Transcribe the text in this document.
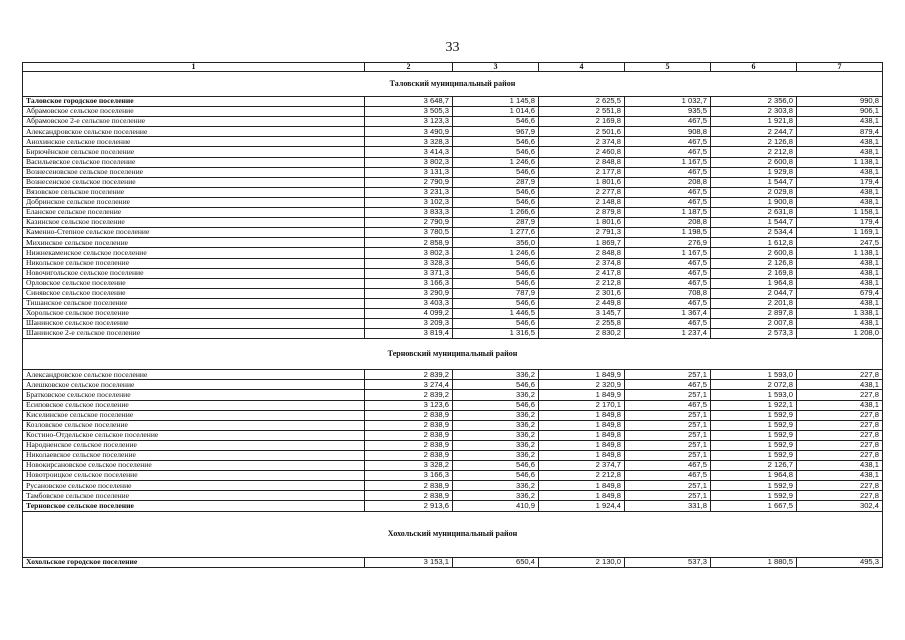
33
1	2	3	4	5	6	7
Таловский муниципальный район						
Таловское городское поселение	3 648,7	1 145,8	2 625,5	1 032,7	2 356,0	990,8
Абрамовское сельское поселение	3 505,3	1 014,6	2 551,8	935,5	2 303,8	906,1
Абрамовское 2-е сельское поселение	3 123,3	546,6	2 169,8	467,5	1 921,8	438,1
Александровское сельское поселение	3 490,9	967,9	2 501,6	908,8	2 244,7	879,4
Анохинское сельское поселение	3 328,3	546,6	2 374,8	467,5	2 126,8	438,1
Бирючёнское сельское поселение	3 414,3	546,6	2 460,8	467,5	2 212,8	438,1
Васильевское сельское поселение	3 802,3	1 246,6	2 848,8	1 167,5	2 600,8	1 138,1
Вознесеновское сельское поселение	3 131,3	546,6	2 177,8	467,5	1 929,8	438,1
Вознесенское сельское поселение	2 790,9	287,9	1 801,6	208,8	1 544,7	179,4
Вязовское сельское поселение	3 231,3	546,6	2 277,8	467,5	2 029,8	438,1
Добринское сельское поселение	3 102,3	546,6	2 148,8	467,5	1 900,8	438,1
Еланское сельское поселение	3 833,3	1 266,6	2 879,8	1 187,5	2 631,8	1 158,1
Казинское сельское поселение	2 790,9	287,9	1 801,6	208,8	1 544,7	179,4
Каменно-Степное сельское поселение	3 780,5	1 277,6	2 791,3	1 198,5	2 534,4	1 169,1
Михинское сельское поселение	2 858,9	356,0	1 869,7	276,9	1 612,8	247,5
Нижнекаменское сельское поселение	3 802,3	1 246,6	2 848,8	1 167,5	2 600,8	1 138,1
Никольское сельское поселение	3 328,3	546,6	2 374,8	467,5	2 126,8	438,1
Новочигольское сельское поселение	3 371,3	546,6	2 417,8	467,5	2 169,8	438,1
Орловское сельское поселение	3 166,3	546,6	2 212,8	467,5	1 964,8	438,1
Синявское сельское поселение	3 290,9	787,9	2 301,6	708,8	2 044,7	679,4
Тишанское сельское поселение	3 403,3	546,6	2 449,8	467,5	2 201,8	438,1
Хорольское сельское поселение	4 099,2	1 446,5	3 145,7	1 367,4	2 897,8	1 338,1
Шанинское сельское поселение	3 209,3	546,6	2 255,8	467,5	2 007,8	438,1
Шанинское 2-е сельское поселение	3 819,4	1 316,5	2 830,2	1 237,4	2 573,3	1 208,0
Терновский муниципальный район						
Александровское сельское поселение	2 839,2	336,2	1 849,9	257,1	1 593,0	227,8
Алешковское сельское поселение	3 274,4	546,6	2 320,9	467,5	2 072,8	438,1
Братковское сельское поселение	2 839,2	336,2	1 849,9	257,1	1 593,0	227,8
Есиповское сельское поселение	3 123,6	546,6	2 170,1	467,5	1 922,1	438,1
Киселинское сельское поселение	2 838,9	336,2	1 849,8	257,1	1 592,9	227,8
Козловское сельское поселение	2 838,9	336,2	1 849,8	257,1	1 592,9	227,8
Костино-Отдельское сельское поселение	2 838,9	336,2	1 849,8	257,1	1 592,9	227,8
Народненское сельское поселение	2 838,9	336,2	1 849,8	257,1	1 592,9	227,8
Николаевское сельское поселение	2 838,9	336,2	1 849,8	257,1	1 592,9	227,8
Новокирсановское сельское поселение	3 328,2	546,6	2 374,7	467,5	2 126,7	438,1
Новотроицкое сельское поселение	3 166,3	546,6	2 212,8	467,5	1 964,8	438,1
Русановское сельское поселение	2 838,9	336,2	1 849,8	257,1	1 592,9	227,8
Тамбовское сельское поселение	2 838,9	336,2	1 849,8	257,1	1 592,9	227,8
Терновское сельское поселение	2 913,6	410,9	1 924,4	331,8	1 667,5	302,4
Хохольский муниципальный район						
Хохольское городское поселение	3 153,1	650,4	2 130,0	537,3	1 880,5	495,3
